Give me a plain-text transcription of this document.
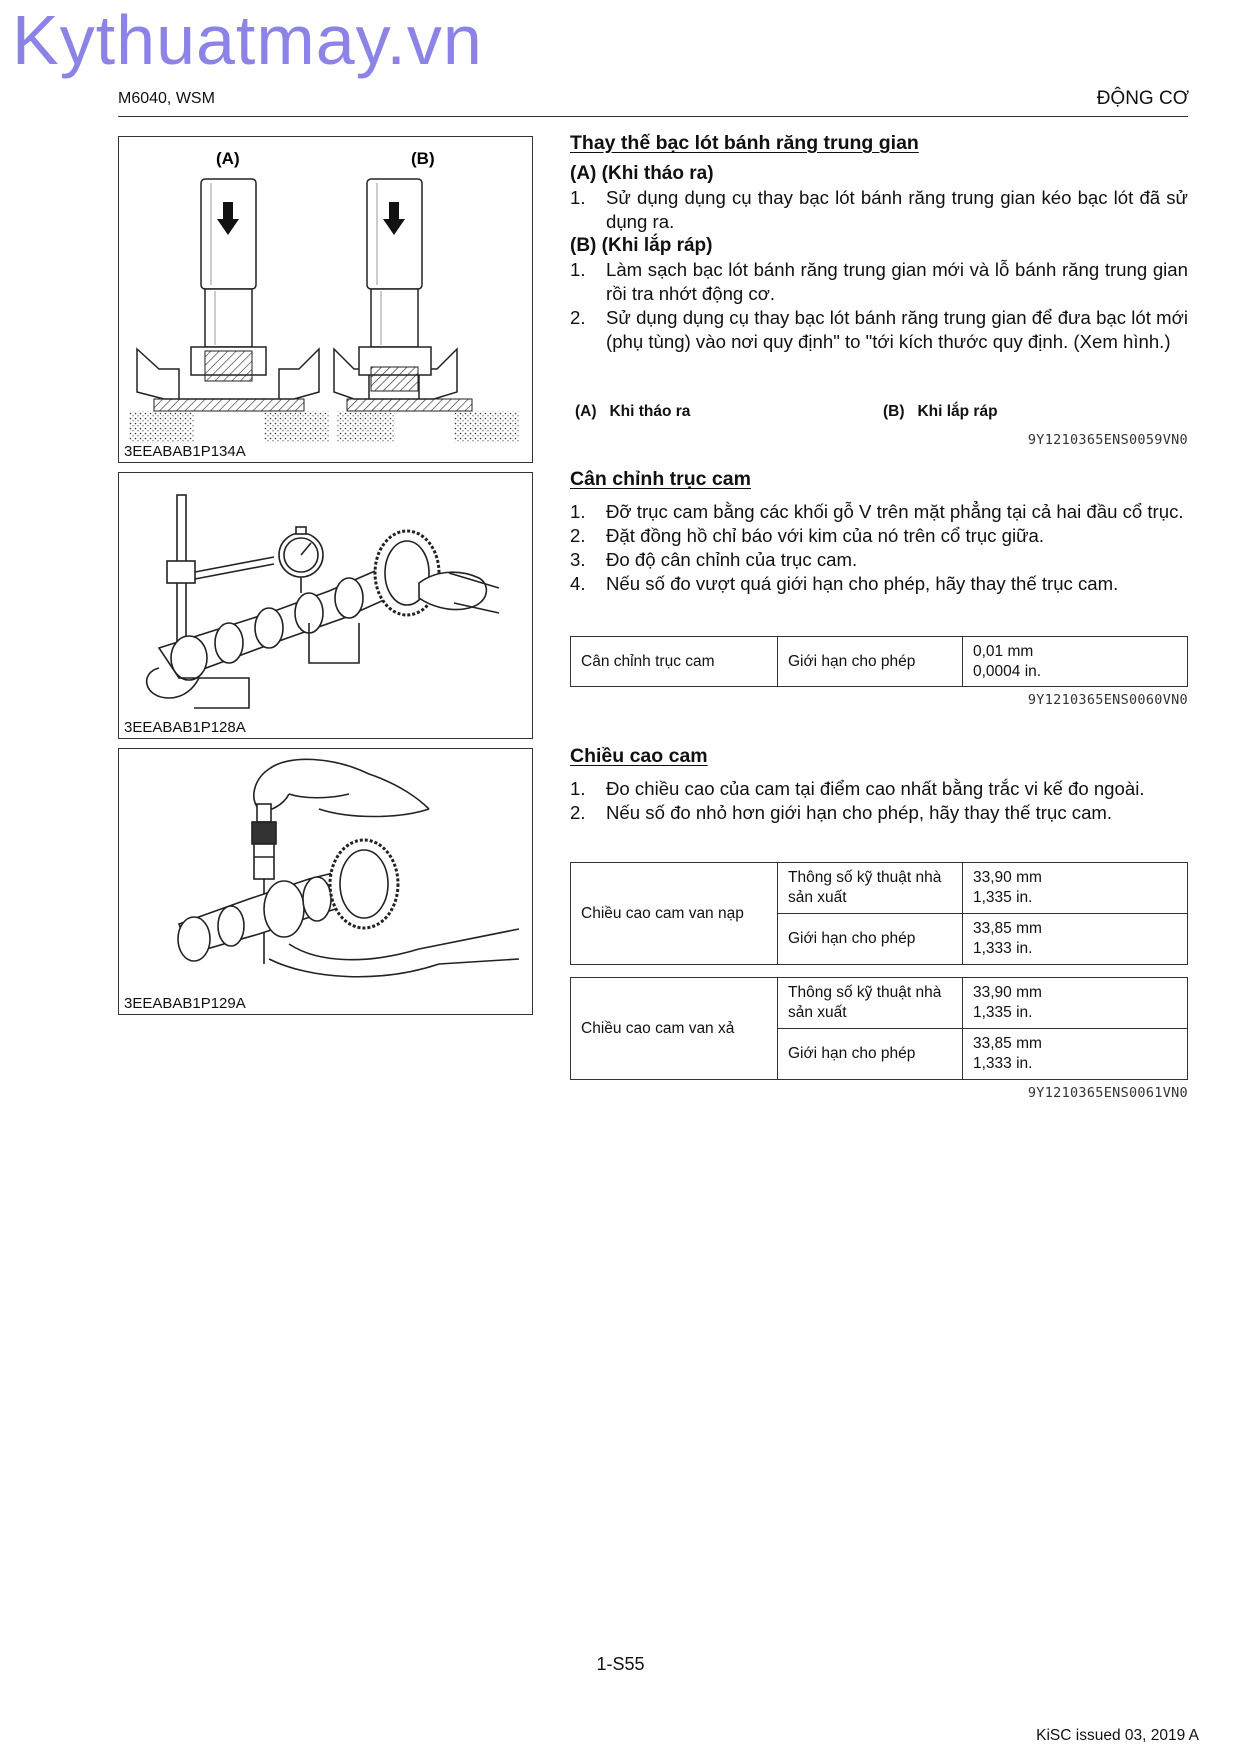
Kythuatmay.vn
M6040, WSM	ĐỘNG CƠ
(A)	(B)
3EEABAB1P134A
3EEABAB1P128A
3EEABAB1P129A
Thay thế bạc lót bánh răng trung gian
(A) (Khi tháo ra)
1.	Sử dụng dụng cụ thay bạc lót bánh răng trung gian kéo bạc lót đã sử dụng ra.
(B) (Khi lắp ráp)
1.	Làm sạch bạc lót bánh răng trung gian mới và lỗ bánh răng trung gian rồi tra nhớt động cơ.
2.	Sử dụng dụng cụ thay bạc lót bánh răng trung gian để đưa bạc lót mới (phụ tùng) vào nơi quy định" to "tới kích thước quy định. (Xem hình.)
(A) Khi tháo ra	(B) Khi lắp ráp
9Y1210365ENS0059VN0
Cân chỉnh trục cam
1.	Đỡ trục cam bằng các khối gỗ V trên mặt phẳng tại cả hai đầu cổ trục.
2.	Đặt đồng hồ chỉ báo với kim của nó trên cổ trục giữa.
3.	Đo độ cân chỉnh của trục cam.
4.	Nếu số đo vượt quá giới hạn cho phép, hãy thay thế trục cam.
Cân chỉnh trục cam	Giới hạn cho phép	
0,01 mm
0,0004 in.
9Y1210365ENS0060VN0
Chiều cao cam
1.	Đo chiều cao của cam tại điểm cao nhất bằng trắc vi kế đo ngoài.
2.	Nếu số đo nhỏ hơn giới hạn cho phép, hãy thay thế trục cam.
Chiều cao cam van nạp	Thông số kỹ thuật nhà sản xuất	33,90 mm
1,335 in.

	Giới hạn cho phép	33,85 mm
1,333 in.
Chiều cao cam van xả	Thông số kỹ thuật nhà sản xuất	33,90 mm
1,335 in.

	Giới hạn cho phép	33,85 mm
1,333 in.
9Y1210365ENS0061VN0
1-S55
KiSC issued 03, 2019 A
